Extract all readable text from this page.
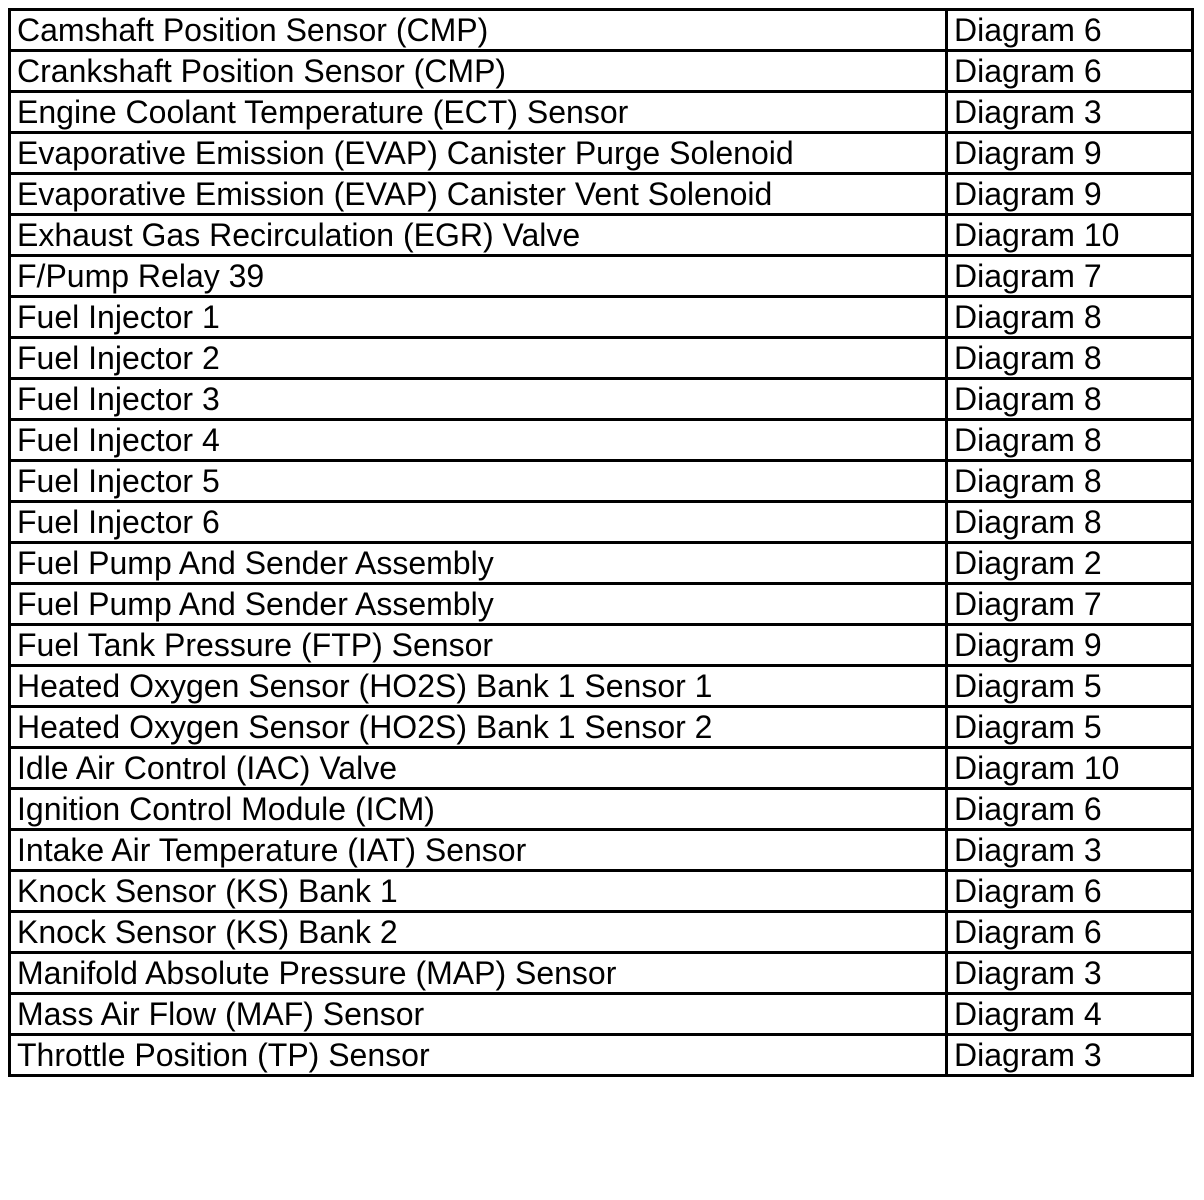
Camshaft Position Sensor (CMP)	Diagram 6
Crankshaft Position Sensor (CMP)	Diagram 6
Engine Coolant Temperature (ECT) Sensor	Diagram 3
Evaporative Emission (EVAP) Canister Purge Solenoid	Diagram 9
Evaporative Emission (EVAP) Canister Vent Solenoid	Diagram 9
Exhaust Gas Recirculation (EGR) Valve	Diagram 10
F/Pump Relay 39	Diagram 7
Fuel Injector 1	Diagram 8
Fuel Injector 2	Diagram 8
Fuel Injector 3	Diagram 8
Fuel Injector 4	Diagram 8
Fuel Injector 5	Diagram 8
Fuel Injector 6	Diagram 8
Fuel Pump And Sender Assembly	Diagram 2
Fuel Pump And Sender Assembly	Diagram 7
Fuel Tank Pressure (FTP) Sensor	Diagram 9
Heated Oxygen Sensor (HO2S) Bank 1 Sensor 1	Diagram 5
Heated Oxygen Sensor (HO2S) Bank 1 Sensor 2	Diagram 5
Idle Air Control (IAC) Valve	Diagram 10
Ignition Control Module (ICM)	Diagram 6
Intake Air Temperature (IAT) Sensor	Diagram 3
Knock Sensor (KS) Bank 1	Diagram 6
Knock Sensor (KS) Bank 2	Diagram 6
Manifold Absolute Pressure (MAP) Sensor	Diagram 3
Mass Air Flow (MAF) Sensor	Diagram 4
Throttle Position (TP) Sensor	Diagram 3
